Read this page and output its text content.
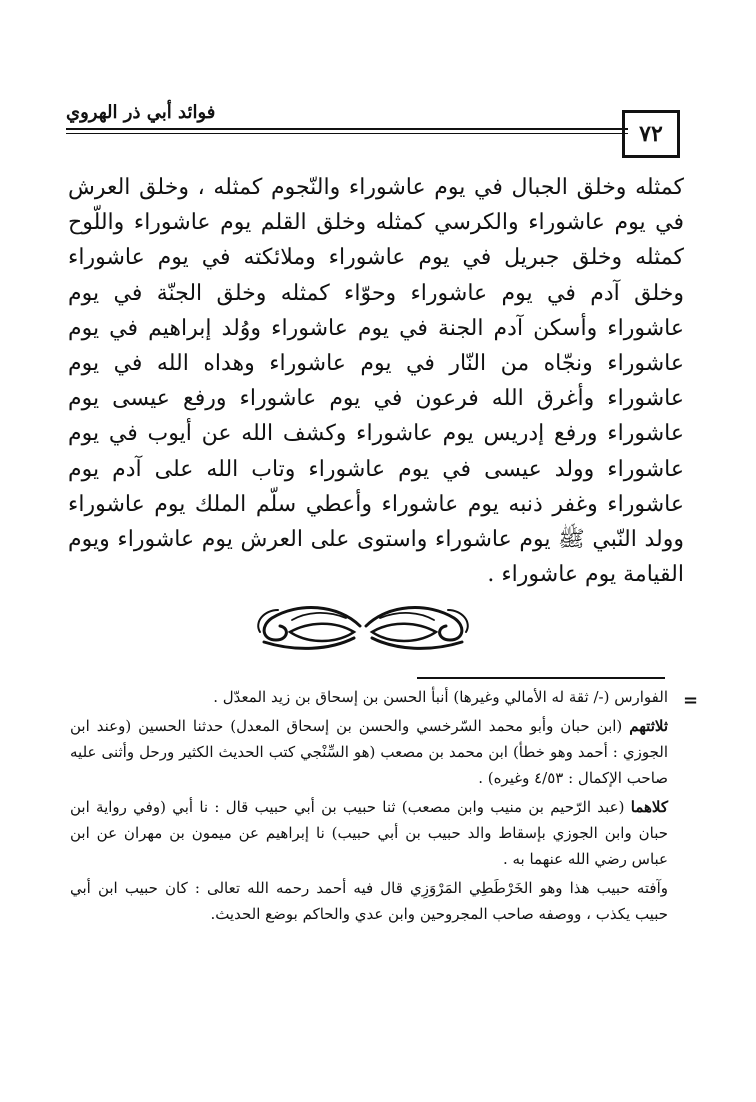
٧٢
فوائد أبي ذر الهروي

كمثله وخلق الجبال في يوم عاشوراء والنّجوم كمثله ، وخلق العرش في يوم عاشوراء والكرسي كمثله وخلق القلم يوم عاشوراء واللّوح كمثله وخلق جبريل في يوم عاشوراء وملائكته في يوم عاشوراء وخلق آدم في يوم عاشوراء وحوّاء كمثله وخلق الجنّة في يوم عاشوراء وأسكن آدم الجنة في يوم عاشوراء ووُلد إبراهيم في يوم عاشوراء ونجّاه من النّار في يوم عاشوراء وهداه الله في يوم عاشوراء وأغرق الله فرعون في يوم عاشوراء ورفع عيسى يوم عاشوراء ورفع إدريس يوم عاشوراء وكشف الله عن أيوب في يوم عاشوراء وولد عيسى في يوم عاشوراء وتاب الله على آدم يوم عاشوراء وغفر ذنبه يوم عاشوراء وأعطي سلّم الملك يوم عاشوراء وولد النّبي ﷺ يوم عاشوراء واستوى على العرش يوم عاشوراء ويوم القيامة يوم عاشوراء .

=

الفوارس (-/ ثقة له الأمالي وغيرها) أنبأ الحسن بن إسحاق بن زيد المعدّل .

ثلاثتهم (ابن حبان وأبو محمد السّرخسي والحسن بن إسحاق المعدل) حدثنا الحسين (وعند ابن الجوزي : أحمد وهو خطأ) ابن محمد بن مصعب (هو السِّنْجي كتب الحديث الكثير ورحل وأثنى عليه صاحب الإكمال : ٤/٥٣ وغيره) .

كلاهما (عبد الرّحيم بن منيب وابن مصعب) ثنا حبيب بن أبي حبيب قال : نا أبي (وفي رواية ابن حبان وابن الجوزي بإسقاط والد حبيب بن أبي حبيب) نا إبراهيم عن ميمون بن مهران عن ابن عباس رضي الله عنهما به .

وآفته حبيب هذا وهو الخَرْطَطِي المَرْوَزِي قال فيه أحمد رحمه الله تعالى : كان حبيب ابن أبي حبيب يكذب ، ووصفه صاحب المجروحين وابن عدي والحاكم بوضع الحديث.
